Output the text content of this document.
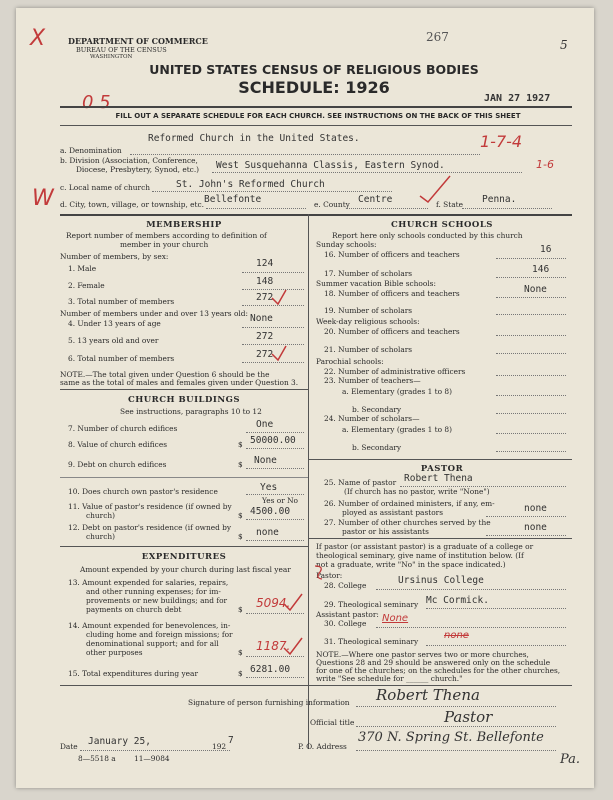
X
0 5
5
DEPARTMENT OF COMMERCE
BUREAU OF THE CENSUS
WASHINGTON
267
UNITED STATES CENSUS OF RELIGIOUS BODIES
SCHEDULE: 1926
JAN 27 1927
FILL OUT A SEPARATE SCHEDULE FOR EACH CHURCH. SEE INSTRUCTIONS ON THE BACK OF THIS SHEET
a. Denomination
Reformed Church in the United States.	1-7-4
b. Division (Association, Conference,
Diocese, Presbytery, Synod, etc.) West Susquehanna Classis, Eastern Synod.	1-6
c. Local name of church	St. John's Reformed Church
W d. City, town, village, or township, etc. Bellefonte	e. County Centre	f. State Penna.
MEMBERSHIP
Report number of members according to definition of
member in your church
Number of members, by sex:
1. Male	124
2. Female	148
3. Total number of members	272
Number of members under and over 13 years old:
4. Under 13 years of age	None
5. 13 years old and over	272
6. Total number of members	272
NOTE.—The total given under Question 6 should be the
same as the total of males and females given under Question 3.
CHURCH BUILDINGS
See instructions, paragraphs 10 to 12
7. Number of church edifices	One
8. Value of church edifices	$ 50000.00
9. Debt on church edifices	$ None
10. Does church own pastor's residence	Yes
Yes or No
11. Value of pastor's residence (if owned by
church)	$ 4500.00
12. Debt on pastor's residence (if owned by
church)	$ none
EXPENDITURES
Amount expended by your church during last fiscal year
13. Amount expended for salaries, repairs,
and other running expenses; for im-
provements or new buildings; and for
payments on church debt	$ 5094.
14. Amount expended for benevolences, in-
cluding home and foreign missions; for
denominational support; and for all
other purposes	$ 1187.
15. Total expenditures during year	$ 6281.00
CHURCH SCHOOLS
Report here only schools conducted by this church
Sunday schools:
16. Number of officers and teachers	16
17. Number of scholars	146
Summer vacation Bible schools:
18. Number of officers and teachers	None
19. Number of scholars
Week-day religious schools:
20. Number of officers and teachers
21. Number of scholars
Parochial schools:
22. Number of administrative officers
23. Number of teachers—
a. Elementary (grades 1 to 8)
b. Secondary
24. Number of scholars—
a. Elementary (grades 1 to 8)
b. Secondary
PASTOR
25. Name of pastor Robert Thena
(If church has no pastor, write "None")
26. Number of ordained ministers, if any, em-
ployed as assistant pastors	none
27. Number of other churches served by the
pastor or his assistants	none
If pastor (or assistant pastor) is a graduate of a college or
theological seminary, give name of institution below. (If
not a graduate, write "No" in the space indicated.)
Pastor:
28. College	Ursinus College
29. Theological seminary Mc Cormick.
Assistant pastor:
30. College None
31. Theological seminary
none
NOTE.—Where one pastor serves two or more churches,
Questions 28 and 29 should be answered only on the schedule
for one of the churches; on the schedules for the other churches,
write "See schedule for ______ church."
Signature of person furnishing information Robert Thena
Official title	Pastor
Date January 25,	192
7
8—5518 a 11—9084
P. O. Address
370 N. Spring St. Bellefonte
Pa.
